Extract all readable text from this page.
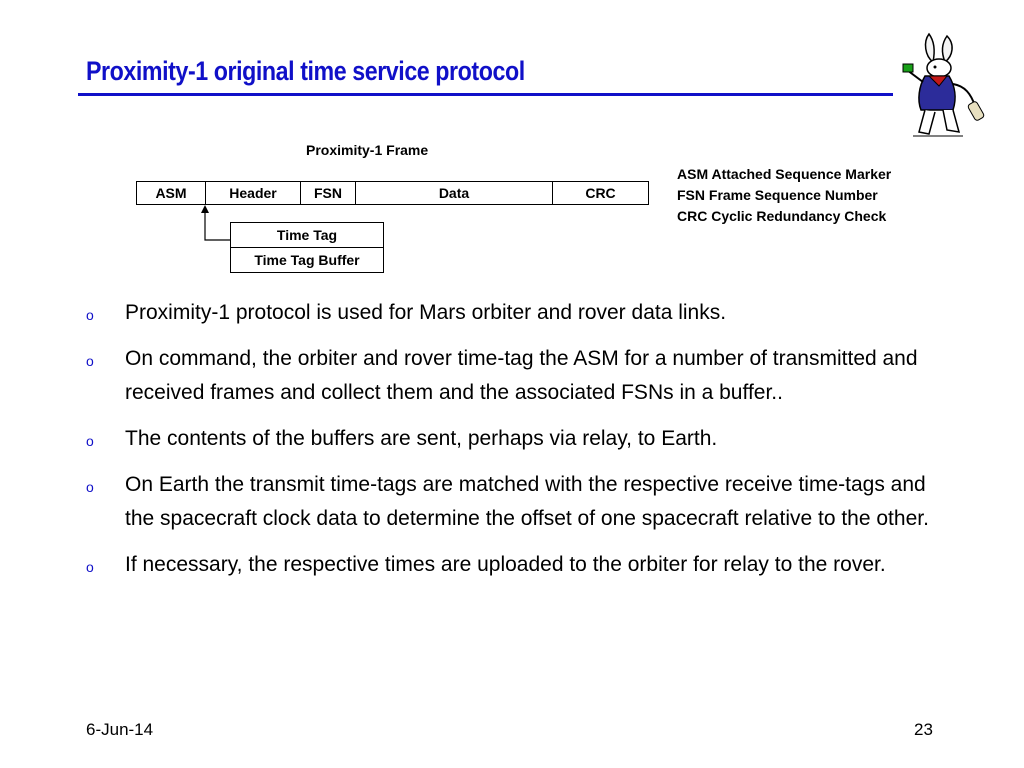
Proximity-1 original time service protocol
Proximity-1 Frame
ASM	Header	FSN	Data	CRC
Time Tag
Time Tag Buffer
ASM Attached Sequence Marker
FSN Frame Sequence Number
CRC Cyclic Redundancy Check
o Proximity-1 protocol is used for Mars orbiter and rover data links.
o On command, the orbiter and rover time-tag the ASM for a number of transmitted and received frames and collect them and the associated FSNs in a buffer..
o The contents of the buffers are sent, perhaps via relay, to Earth.
o On Earth the transmit time-tags are matched with the respective receive time-tags and the spacecraft clock data to determine the offset of one spacecraft relative to the other.
o If necessary, the respective times are uploaded to the orbiter for relay to the rover.
6-Jun-14	23
